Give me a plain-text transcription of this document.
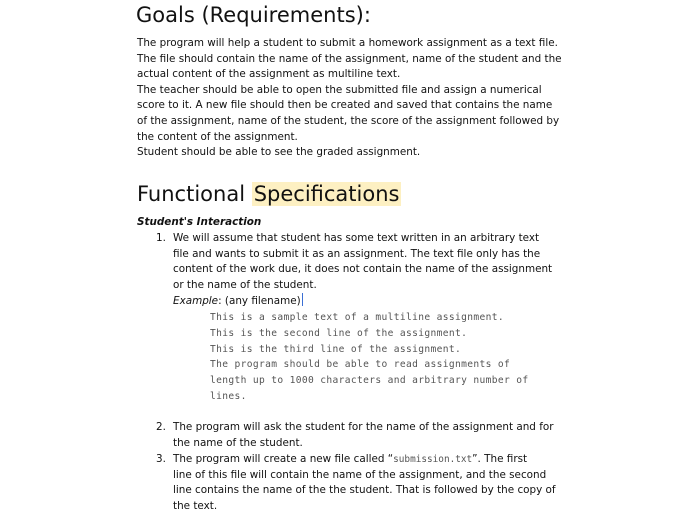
Goals (Requirements):

The program will help a student to submit a homework assignment as a text file.

The file should contain the name of the assignment, name of the student and the

actual content of the assignment as multiline text.

The teacher should be able to open the submitted file and assign a numerical

score to it. A new file should then be created and saved that contains the name

of the assignment, name of the student, the score of the assignment followed by

the content of the assignment.

Student should be able to see the graded assignment.

Functional Specifications
Student's Interaction
1. We will assume that student has some text written in an arbitrary text

file and wants to submit it as an assignment. The text file only has the

content of the work due, it does not contain the name of the assignment

or the name of the student.

Example: (any filename)

This is a sample text of a multiline assignment.

This is the second line of the assignment.

This is the third line of the assignment.

The program should be able to read assignments of

length up to 1000 characters and arbitrary number of

lines.

2. The program will ask the student for the name of the assignment and for

the name of the student.

3. The program will create a new file called “submission.txt”. The first

line of this file will contain the name of the assignment, and the second

line contains the name of the the student. That is followed by the copy of

the text.
